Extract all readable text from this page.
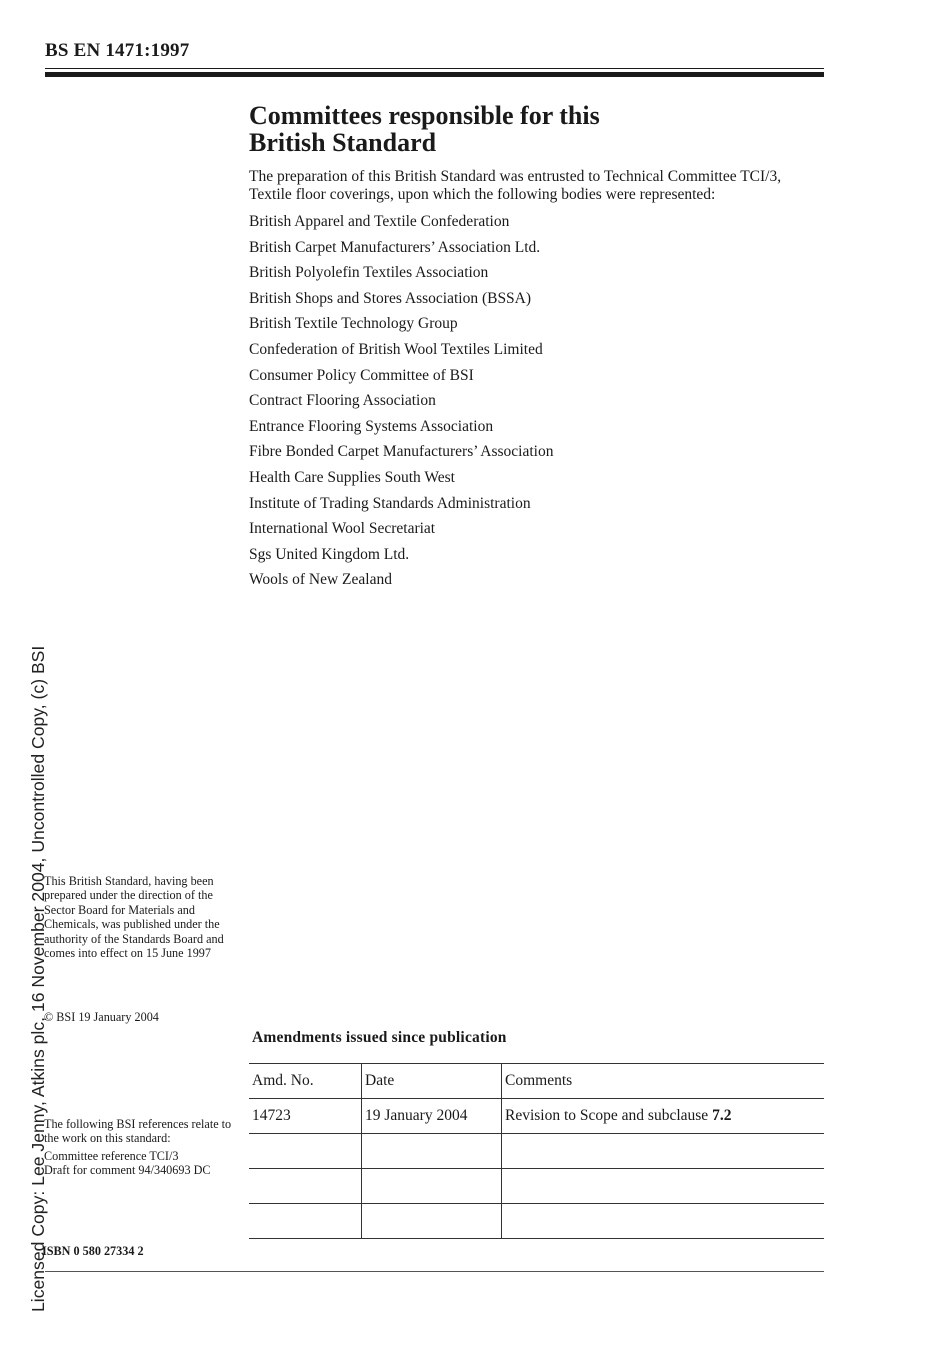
BS EN 1471:1997
Committees responsible for this
British Standard

The preparation of this British Standard was entrusted to Technical Committee TCI/3, Textile floor coverings, upon which the following bodies were represented:

British Apparel and Textile Confederation
British Carpet Manufacturers’ Association Ltd.
British Polyolefin Textiles Association
British Shops and Stores Association (BSSA)
British Textile Technology Group
Confederation of British Wool Textiles Limited
Consumer Policy Committee of BSI
Contract Flooring Association
Entrance Flooring Systems Association
Fibre Bonded Carpet Manufacturers’ Association
Health Care Supplies South West
Institute of Trading Standards Administration
International Wool Secretariat
Sgs United Kingdom Ltd.
Wools of New Zealand
This British Standard, having been prepared under the direction of the Sector Board for Materials and Chemicals, was published under the authority of the Standards Board and comes into effect on 15 June 1997
© BSI 19 January 2004
The following BSI references relate to the work on this standard:
Committee reference TCI/3
Draft for comment 94/340693 DC
ISBN 0 580 27334 2
Amendments issued since publication
Amd. No.	Date	Comments
14723	19 January 2004	Revision to Scope and subclause 7.2

Licensed Copy: Lee Jenny, Atkins plc, 16 November 2004, Uncontrolled Copy, (c) BSI
